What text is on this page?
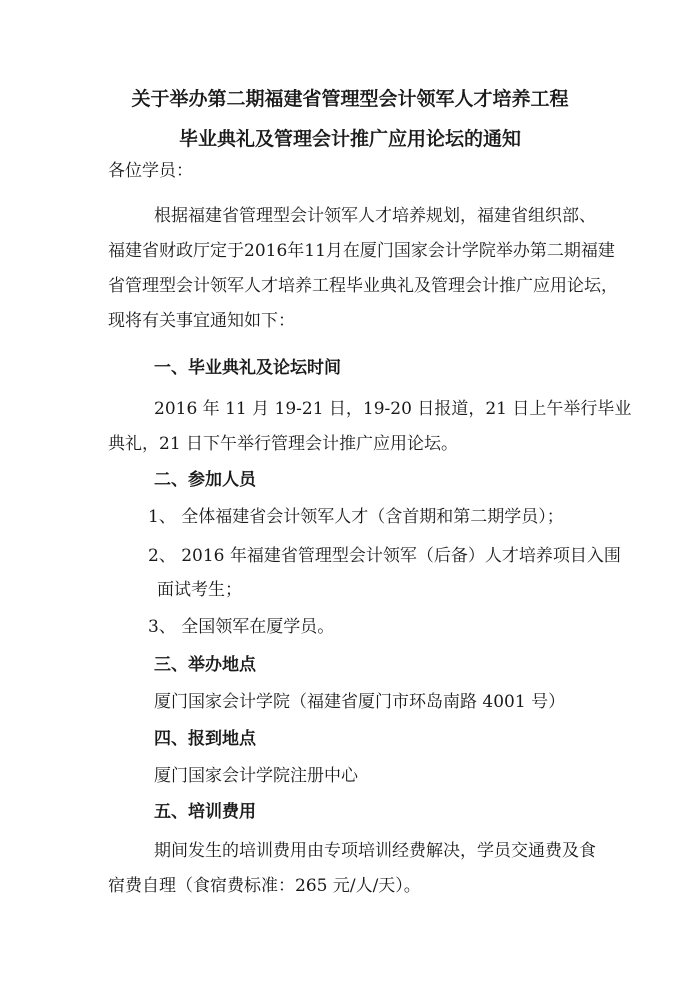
关于举办第二期福建省管理型会计领军人才培养工程
毕业典礼及管理会计推广应用论坛的通知
各位学员：
根据福建省管理型会计领军人才培养规划，福建省组织部、
福建省财政厅定于2016年11月在厦门国家会计学院举办第二期福建
省管理型会计领军人才培养工程毕业典礼及管理会计推广应用论坛，
现将有关事宜通知如下：
一、毕业典礼及论坛时间
2016 年 11 月 19-21 日，19-20 日报道，21 日上午举行毕业
典礼，21 日下午举行管理会计推广应用论坛。
二、参加人员
1、 全体福建省会计领军人才（含首期和第二期学员）；
2、 2016 年福建省管理型会计领军（后备）人才培养项目入围
面试考生；
3、 全国领军在厦学员。
三、举办地点
厦门国家会计学院（福建省厦门市环岛南路 4001 号）
四、报到地点
厦门国家会计学院注册中心
五、培训费用
期间发生的培训费用由专项培训经费解决，学员交通费及食
宿费自理（食宿费标准：265 元/人/天）。
